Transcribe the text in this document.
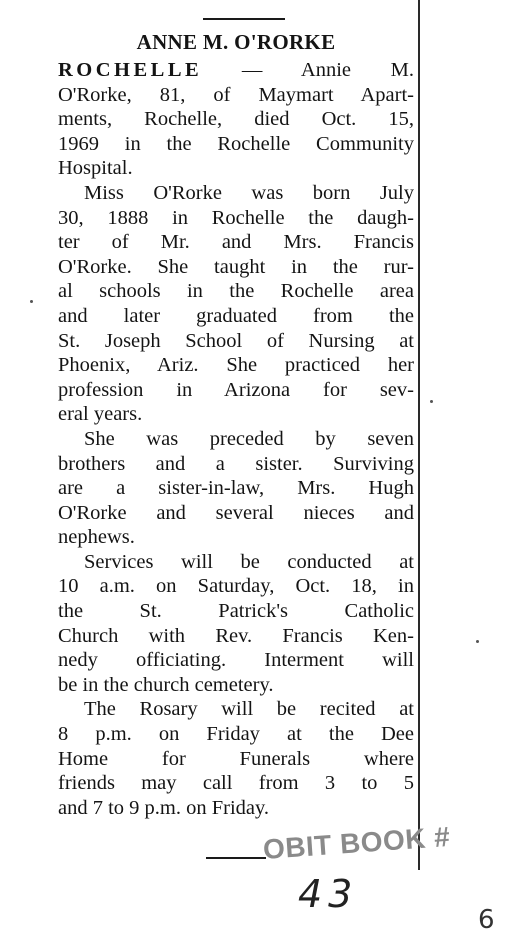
ANNE M. O'RORKE
ROCHELLE — Annie M.
O'Rorke, 81, of Maymart Apart-
ments, Rochelle, died Oct. 15,
1969 in the Rochelle Community
Hospital.
Miss O'Rorke was born July
30, 1888 in Rochelle the daugh-
ter of Mr. and Mrs. Francis
O'Rorke. She taught in the rur-
al schools in the Rochelle area
and later graduated from the
St. Joseph School of Nursing at
Phoenix, Ariz. She practiced her
profession in Arizona for sev-
eral years.
She was preceded by seven
brothers and a sister. Surviving
are a sister-in-law, Mrs. Hugh
O'Rorke and several nieces and
nephews.
Services will be conducted at
10 a.m. on Saturday, Oct. 18, in
the St. Patrick's Catholic
Church with Rev. Francis Ken-
nedy officiating. Interment will
be in the church cemetery.
The Rosary will be recited at
8 p.m. on Friday at the Dee
Home for Funerals where
friends may call from 3 to 5
and 7 to 9 p.m. on Friday.
OBIT BOOK #
43
6
